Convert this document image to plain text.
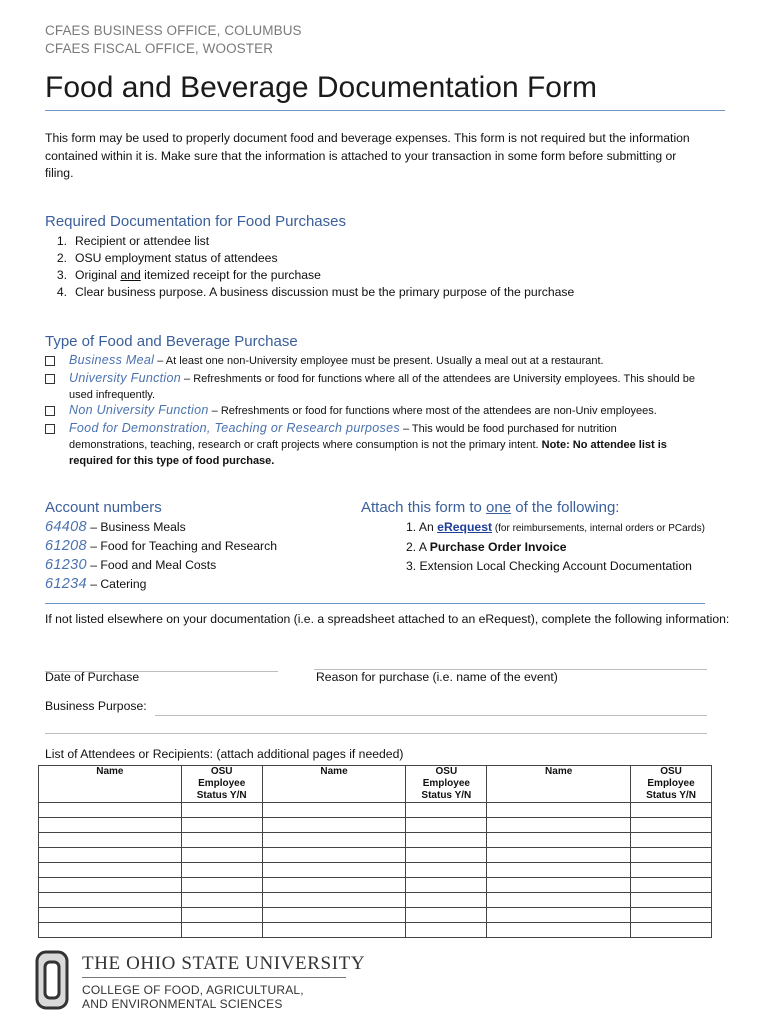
CFAES BUSINESS OFFICE, COLUMBUS
CFAES FISCAL OFFICE, WOOSTER
Food and Beverage Documentation Form
This form may be used to properly document food and beverage expenses. This form is not required but the information
contained within it is. Make sure that the information is attached to your transaction in some form before submitting or
filing.
Required Documentation for Food Purchases
1. Recipient or attendee list
2. OSU employment status of attendees
3. Original and itemized receipt for the purchase
4. Clear business purpose. A business discussion must be the primary purpose of the purchase
Type of Food and Beverage Purchase
Business Meal – At least one non-University employee must be present. Usually a meal out at a restaurant.
University Function – Refreshments or food for functions where all of the attendees are University employees. This should be
used infrequently.
Non University Function – Refreshments or food for functions where most of the attendees are non-Univ employees.
Food for Demonstration, Teaching or Research purposes – This would be food purchased for nutrition
demonstrations, teaching, research or craft projects where consumption is not the primary intent. Note: No attendee list is
required for this type of food purchase.
Account numbers
64408 – Business Meals
61208 – Food for Teaching and Research
61230 – Food and Meal Costs
61234 – Catering
Attach this form to one of the following:
1. An eRequest (for reimbursements, internal orders or PCards)
2. A Purchase Order Invoice
3. Extension Local Checking Account Documentation
If not listed elsewhere on your documentation (i.e. a spreadsheet attached to an eRequest), complete the following information:
Date of Purchase	Reason for purchase (i.e. name of the event)
Business Purpose:
List of Attendees or Recipients: (attach additional pages if needed)
Name	OSU
Employee
Status Y/N	Name	OSU
Employee
Status Y/N	Name	OSU
Employee
Status Y/N

THE OHIO STATE UNIVERSITY
COLLEGE OF FOOD, AGRICULTURAL,
AND ENVIRONMENTAL SCIENCES
